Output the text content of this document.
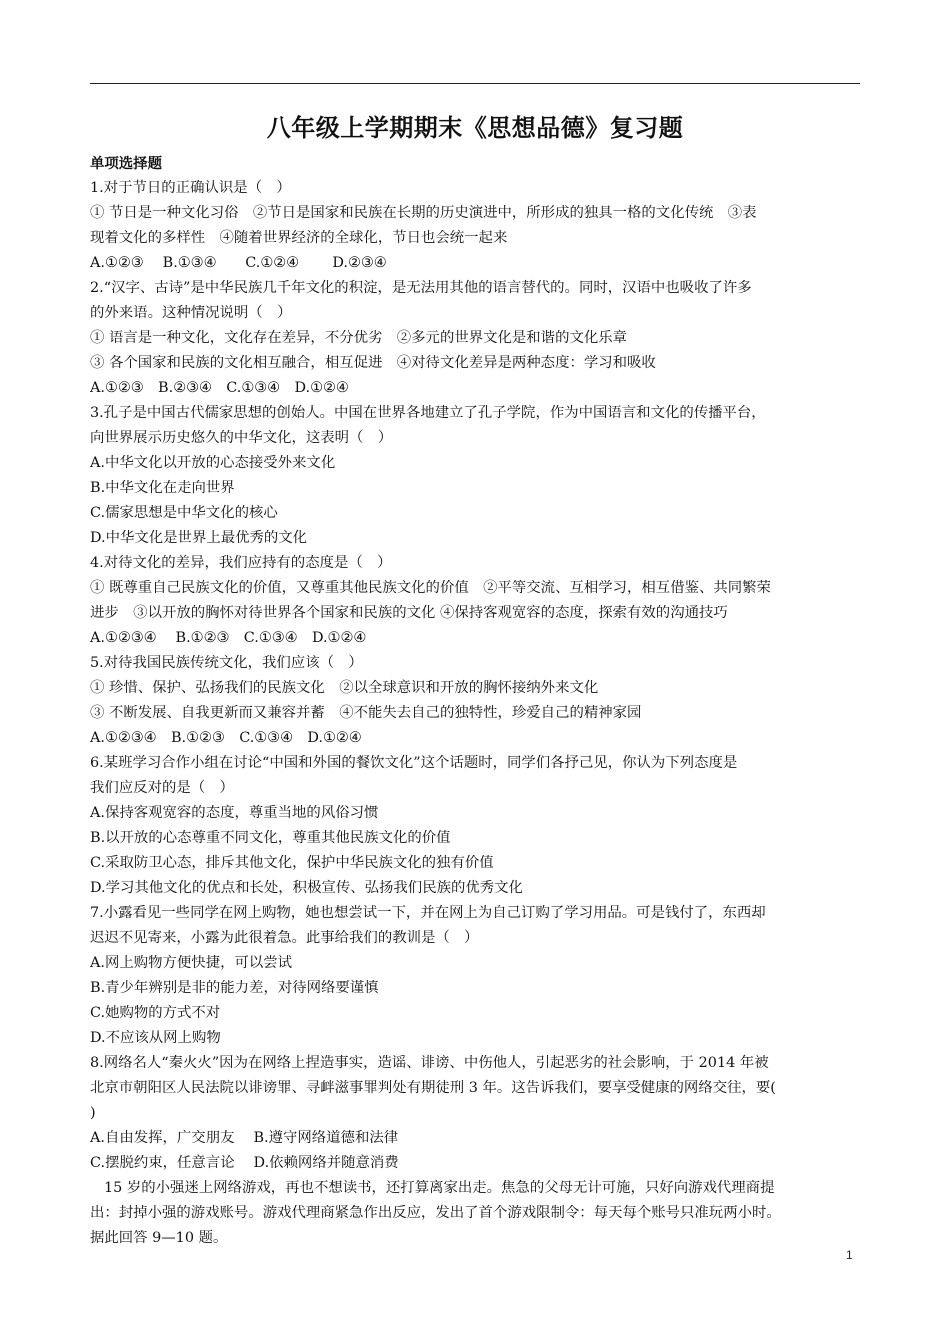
八年级上学期期末《思想品德》复习题
单项选择题
1.对于节日的正确认识是（　）
① 节日是一种文化习俗　②节日是国家和民族在长期的历史演进中，所形成的独具一格的文化传统　③表
现着文化的多样性　④随着世界经济的全球化，节日也会统一起来
A.①②③　 B.①③④　　C.①②④　　 D.②③④
2.“汉字、古诗”是中华民族几千年文化的积淀，是无法用其他的语言替代的。同时，汉语中也吸收了许多
的外来语。这种情况说明（　）
① 语言是一种文化，文化存在差异，不分优劣　②多元的世界文化是和谐的文化乐章
③ 各个国家和民族的文化相互融合，相互促进　④对待文化差异是两种态度：学习和吸收
A.①②③　B.②③④　C.①③④　D.①②④
3.孔子是中国古代儒家思想的创始人。中国在世界各地建立了孔子学院，作为中国语言和文化的传播平台，
向世界展示历史悠久的中华文化，这表明（　）
A.中华文化以开放的心态接受外来文化
B.中华文化在走向世界
C.儒家思想是中华文化的核心
D.中华文化是世界上最优秀的文化
4.对待文化的差异，我们应持有的态度是（　）
① 既尊重自己民族文化的价值，又尊重其他民族文化的价值　②平等交流、互相学习，相互借鉴、共同繁荣
进步　③以开放的胸怀对待世界各个国家和民族的文化 ④保持客观宽容的态度，探索有效的沟通技巧
A.①②③④　 B.①②③　C.①③④　D.①②④
5.对待我国民族传统文化，我们应该（　）
① 珍惜、保护、弘扬我们的民族文化　②以全球意识和开放的胸怀接纳外来文化
③ 不断发展、自我更新而又兼容并蓄　④不能失去自己的独特性，珍爱自己的精神家园
A.①②③④　B.①②③　C.①③④　D.①②④
6.某班学习合作小组在讨论“中国和外国的餐饮文化”这个话题时，同学们各抒己见，你认为下列态度是
我们应反对的是（　）
A.保持客观宽容的态度，尊重当地的风俗习惯
B.以开放的心态尊重不同文化，尊重其他民族文化的价值
C.采取防卫心态，排斥其他文化，保护中华民族文化的独有价值
D.学习其他文化的优点和长处，积极宣传、弘扬我们民族的优秀文化
7.小露看见一些同学在网上购物，她也想尝试一下，并在网上为自己订购了学习用品。可是钱付了，东西却
迟迟不见寄来，小露为此很着急。此事给我们的教训是（　）
A.网上购物方便快捷，可以尝试
B.青少年辨别是非的能力差，对待网络要谨慎
C.她购物的方式不对
D.不应该从网上购物
8.网络名人“秦火火”因为在网络上捏造事实，造谣、诽谤、中伤他人，引起恶劣的社会影响，于 2014 年被
北京市朝阳区人民法院以诽谤罪、寻衅滋事罪判处有期徒刑 3 年。这告诉我们，要享受健康的网络交往，要(
)
A.自由发挥，广交朋友　 B.遵守网络道德和法律
C.摆脱约束，任意言论　 D.依赖网络并随意消费
15 岁的小强迷上网络游戏，再也不想读书，还打算离家出走。焦急的父母无计可施，只好向游戏代理商提
出：封掉小强的游戏账号。游戏代理商紧急作出反应，发出了首个游戏限制令：每天每个账号只准玩两小时。
据此回答 9—10 题。
1
